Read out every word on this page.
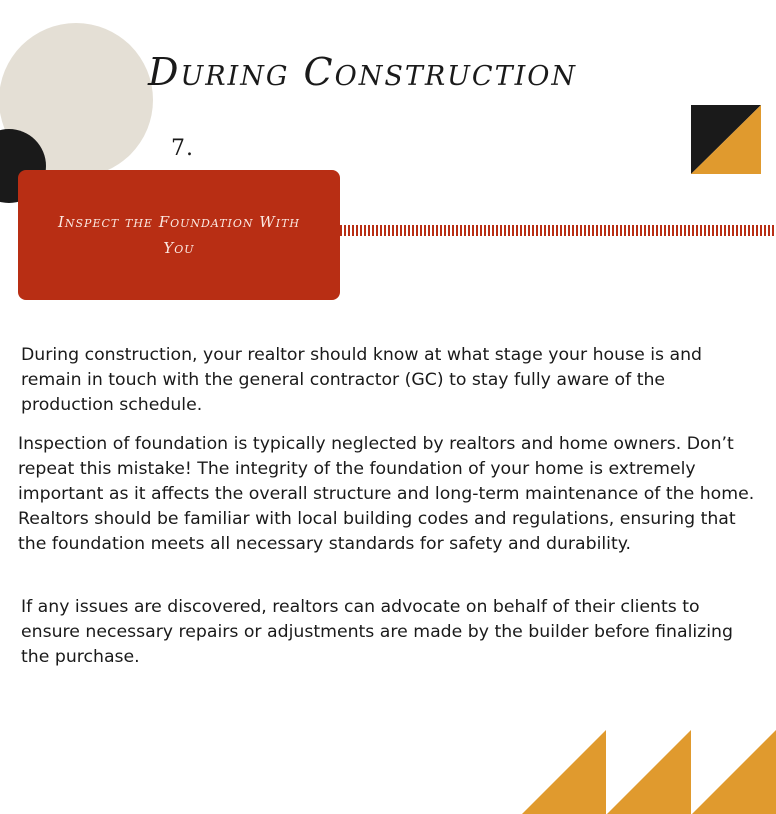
During Construction
7.
Inspect the Foundation With You

During construction, your realtor should know at what stage your house is and remain in touch with the general contractor (GC) to stay fully aware of the production schedule.

Inspection of foundation is typically neglected by realtors and home owners. Don’t repeat this mistake! The integrity of the foundation of your home is extremely important as it affects the overall structure and long-term maintenance of the home. Realtors should be familiar with local building codes and regulations, ensuring that the foundation meets all necessary standards for safety and durability.

If any issues are discovered, realtors can advocate on behalf of their clients to ensure necessary repairs or adjustments are made by the builder before finalizing the purchase.
